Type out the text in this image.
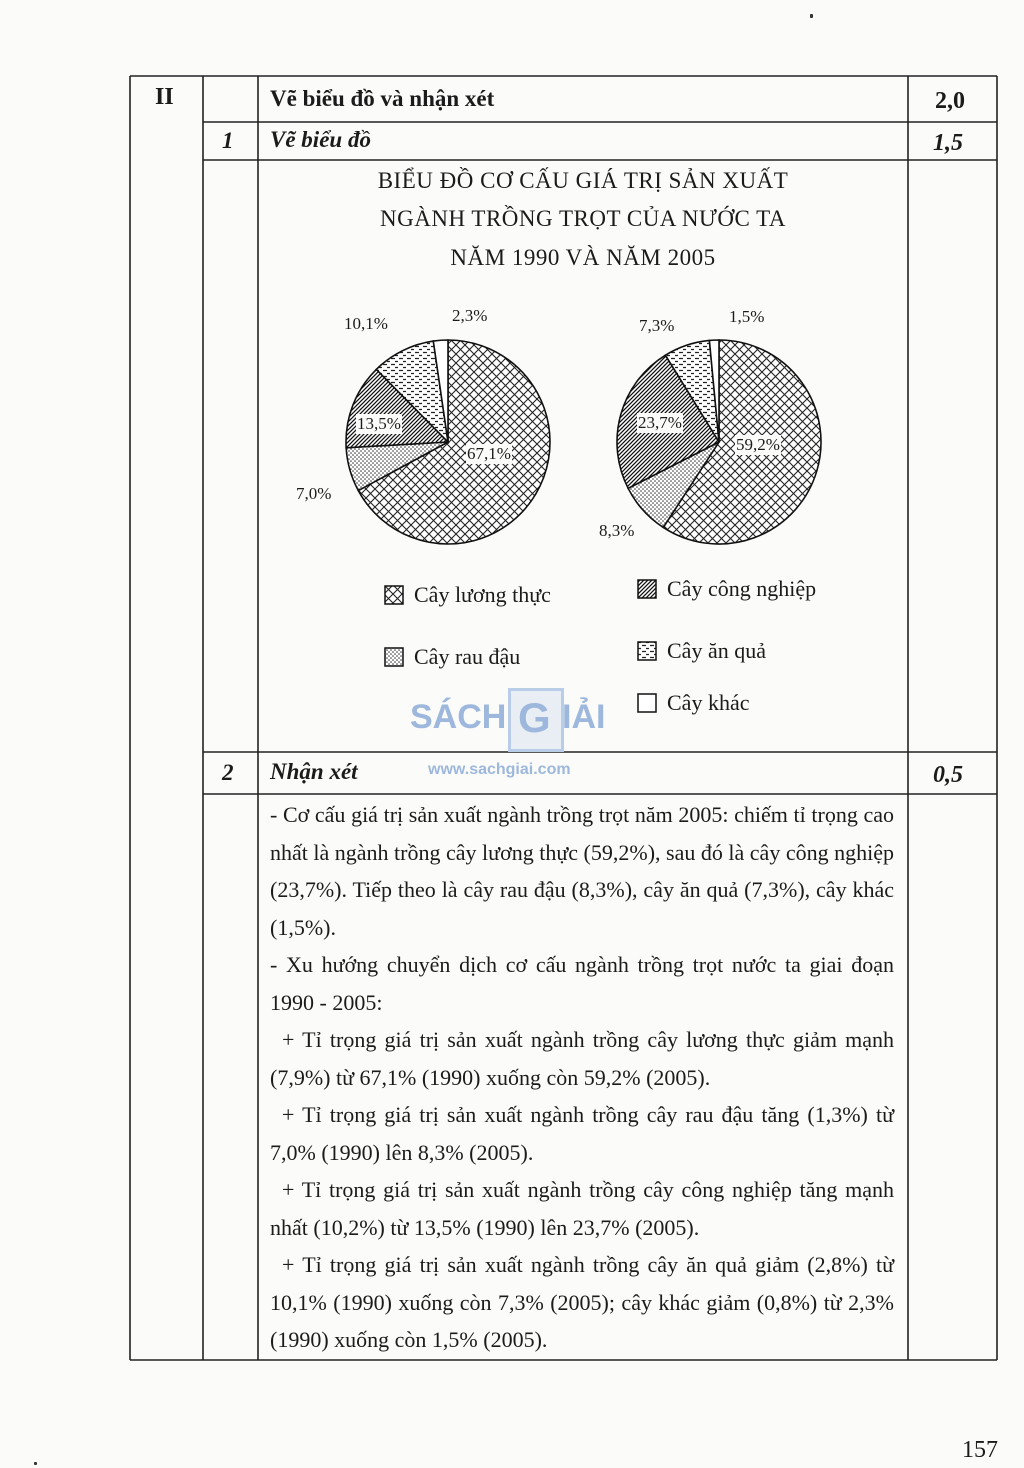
II	Vẽ biểu đồ và nhận xét	2,0
1 Vẽ biểu đồ	1,5
BIỂU ĐỒ CƠ CẤU GIÁ TRỊ SẢN XUẤT
NGÀNH TRỒNG TRỌT CỦA NƯỚC TA
NĂM 1990 VÀ NĂM 2005
10,1%	2,3%
13,5%
67,1%
7,0%
7,3%	1,5%
23,7%
59,2%
8,3%
Cây lương thực	Cây công nghiệp
Cây rau đậu	Cây ăn quả
Cây khác
SÁCH G IẢI
www.sachgiai.com
2 Nhận xét	0,5

- Cơ cấu giá trị sản xuất ngành trồng trọt năm 2005: chiếm tỉ trọng cao nhất là ngành trồng cây lương thực (59,2%), sau đó là cây công nghiệp (23,7%). Tiếp theo là cây rau đậu (8,3%), cây ăn quả (7,3%), cây khác (1,5%).

- Xu hướng chuyển dịch cơ cấu ngành trồng trọt nước ta giai đoạn 1990 - 2005:

+ Tỉ trọng giá trị sản xuất ngành trồng cây lương thực giảm mạnh (7,9%) từ 67,1% (1990) xuống còn 59,2% (2005).

+ Tỉ trọng giá trị sản xuất ngành trồng cây rau đậu tăng (1,3%) từ 7,0% (1990) lên 8,3% (2005).

+ Tỉ trọng giá trị sản xuất ngành trồng cây công nghiệp tăng mạnh nhất (10,2%) từ 13,5% (1990) lên 23,7% (2005).

+ Tỉ trọng giá trị sản xuất ngành trồng cây ăn quả giảm (2,8%) từ 10,1% (1990) xuống còn 7,3% (2005); cây khác giảm (0,8%) từ 2,3% (1990) xuống còn 1,5% (2005).

157
